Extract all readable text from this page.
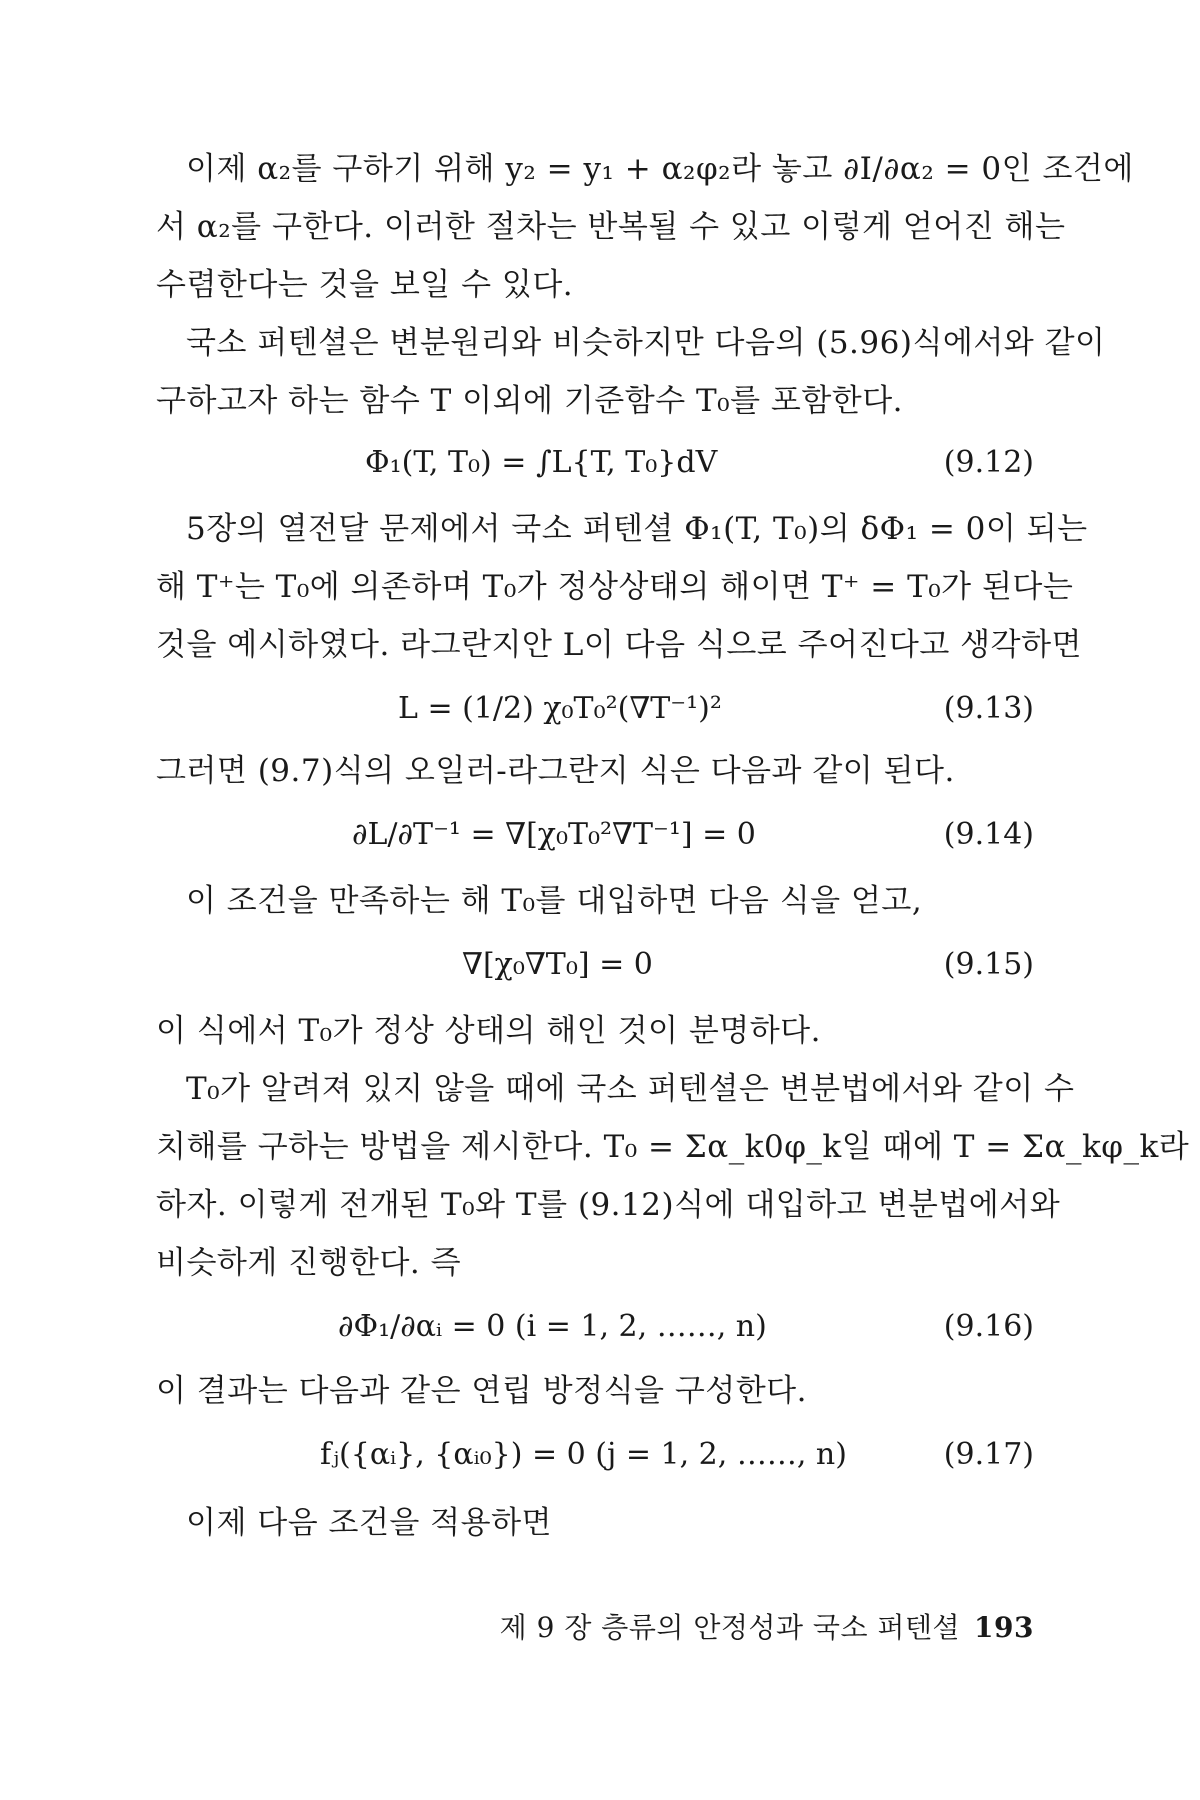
이제 α₂를 구하기 위해 y₂ = y₁ + α₂φ₂라 놓고 ∂I/∂α₂ = 0인 조건에
서 α₂를 구한다. 이러한 절차는 반복될 수 있고 이렇게 얻어진 해는
수렴한다는 것을 보일 수 있다.
국소 퍼텐셜은 변분원리와 비슷하지만 다음의 (5.96)식에서와 같이
구하고자 하는 함수 T 이외에 기준함수 T₀를 포함한다.
Φ₁(T, T₀) = ∫L{T, T₀}dV	(9.12)
5장의 열전달 문제에서 국소 퍼텐셜 Φ₁(T, T₀)의 δΦ₁ = 0이 되는
해 T⁺는 T₀에 의존하며 T₀가 정상상태의 해이면 T⁺ = T₀가 된다는
것을 예시하였다. 라그란지안 L이 다음 식으로 주어진다고 생각하면
L = (1/2) χ₀T₀²(∇T⁻¹)²	(9.13)
그러면 (9.7)식의 오일러-라그란지 식은 다음과 같이 된다.
∂L/∂T⁻¹ = ∇[χ₀T₀²∇T⁻¹] = 0	(9.14)
이 조건을 만족하는 해 T₀를 대입하면 다음 식을 얻고,
∇[χ₀∇T₀] = 0	(9.15)
이 식에서 T₀가 정상 상태의 해인 것이 분명하다.
T₀가 알려져 있지 않을 때에 국소 퍼텐셜은 변분법에서와 같이 수
치해를 구하는 방법을 제시한다. T₀ = Σα_k0φ_k일 때에 T = Σα_kφ_k라
하자. 이렇게 전개된 T₀와 T를 (9.12)식에 대입하고 변분법에서와
비슷하게 진행한다. 즉
∂Φ₁/∂αᵢ = 0 (i = 1, 2, ……, n)	(9.16)
이 결과는 다음과 같은 연립 방정식을 구성한다.
fⱼ({αᵢ}, {αᵢ₀}) = 0 (j = 1, 2, ……, n)	(9.17)
이제 다음 조건을 적용하면
제 9 장 층류의 안정성과 국소 퍼텐셜 193
